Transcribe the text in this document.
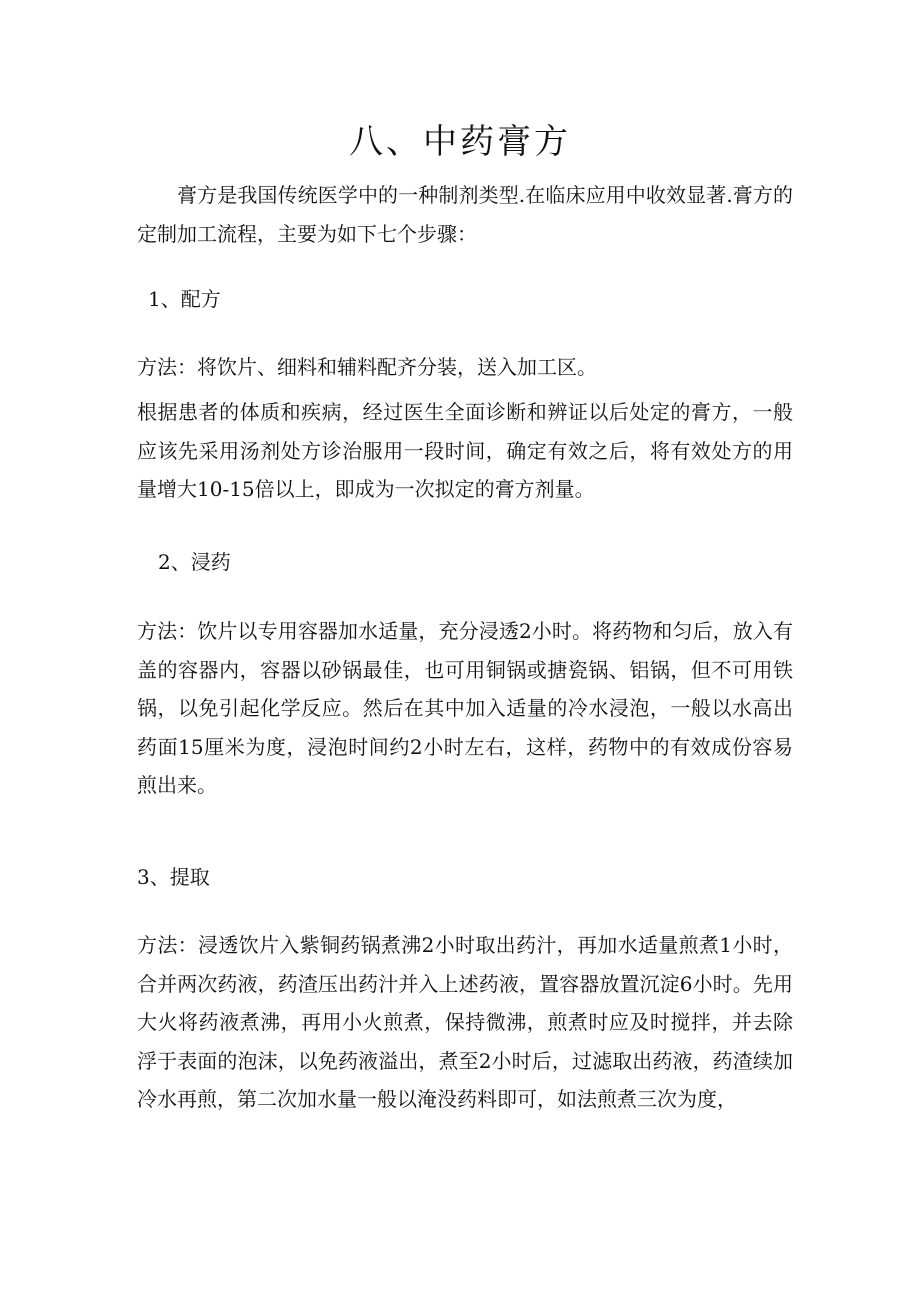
八、中药膏方

膏方是我国传统医学中的一种制剂类型.在临床应用中收效显著.膏方的定制加工流程，主要为如下七个步骤：

1、配方

方法：将饮片、细料和辅料配齐分装，送入加工区。

根据患者的体质和疾病，经过医生全面诊断和辨证以后处定的膏方，一般应该先采用汤剂处方诊治服用一段时间，确定有效之后，将有效处方的用量增大10-15倍以上，即成为一次拟定的膏方剂量。

2、浸药

方法：饮片以专用容器加水适量，充分浸透2小时。将药物和匀后，放入有盖的容器内，容器以砂锅最佳，也可用铜锅或搪瓷锅、铝锅，但不可用铁锅，以免引起化学反应。然后在其中加入适量的冷水浸泡，一般以水高出药面15厘米为度，浸泡时间约2小时左右，这样，药物中的有效成份容易煎出来。

3、提取

方法：浸透饮片入紫铜药锅煮沸2小时取出药汁，再加水适量煎煮1小时，合并两次药液，药渣压出药汁并入上述药液，置容器放置沉淀6小时。先用大火将药液煮沸，再用小火煎煮，保持微沸，煎煮时应及时搅拌，并去除浮于表面的泡沫，以免药液溢出，煮至2小时后，过滤取出药液，药渣续加冷水再煎，第二次加水量一般以淹没药料即可，如法煎煮三次为度，
